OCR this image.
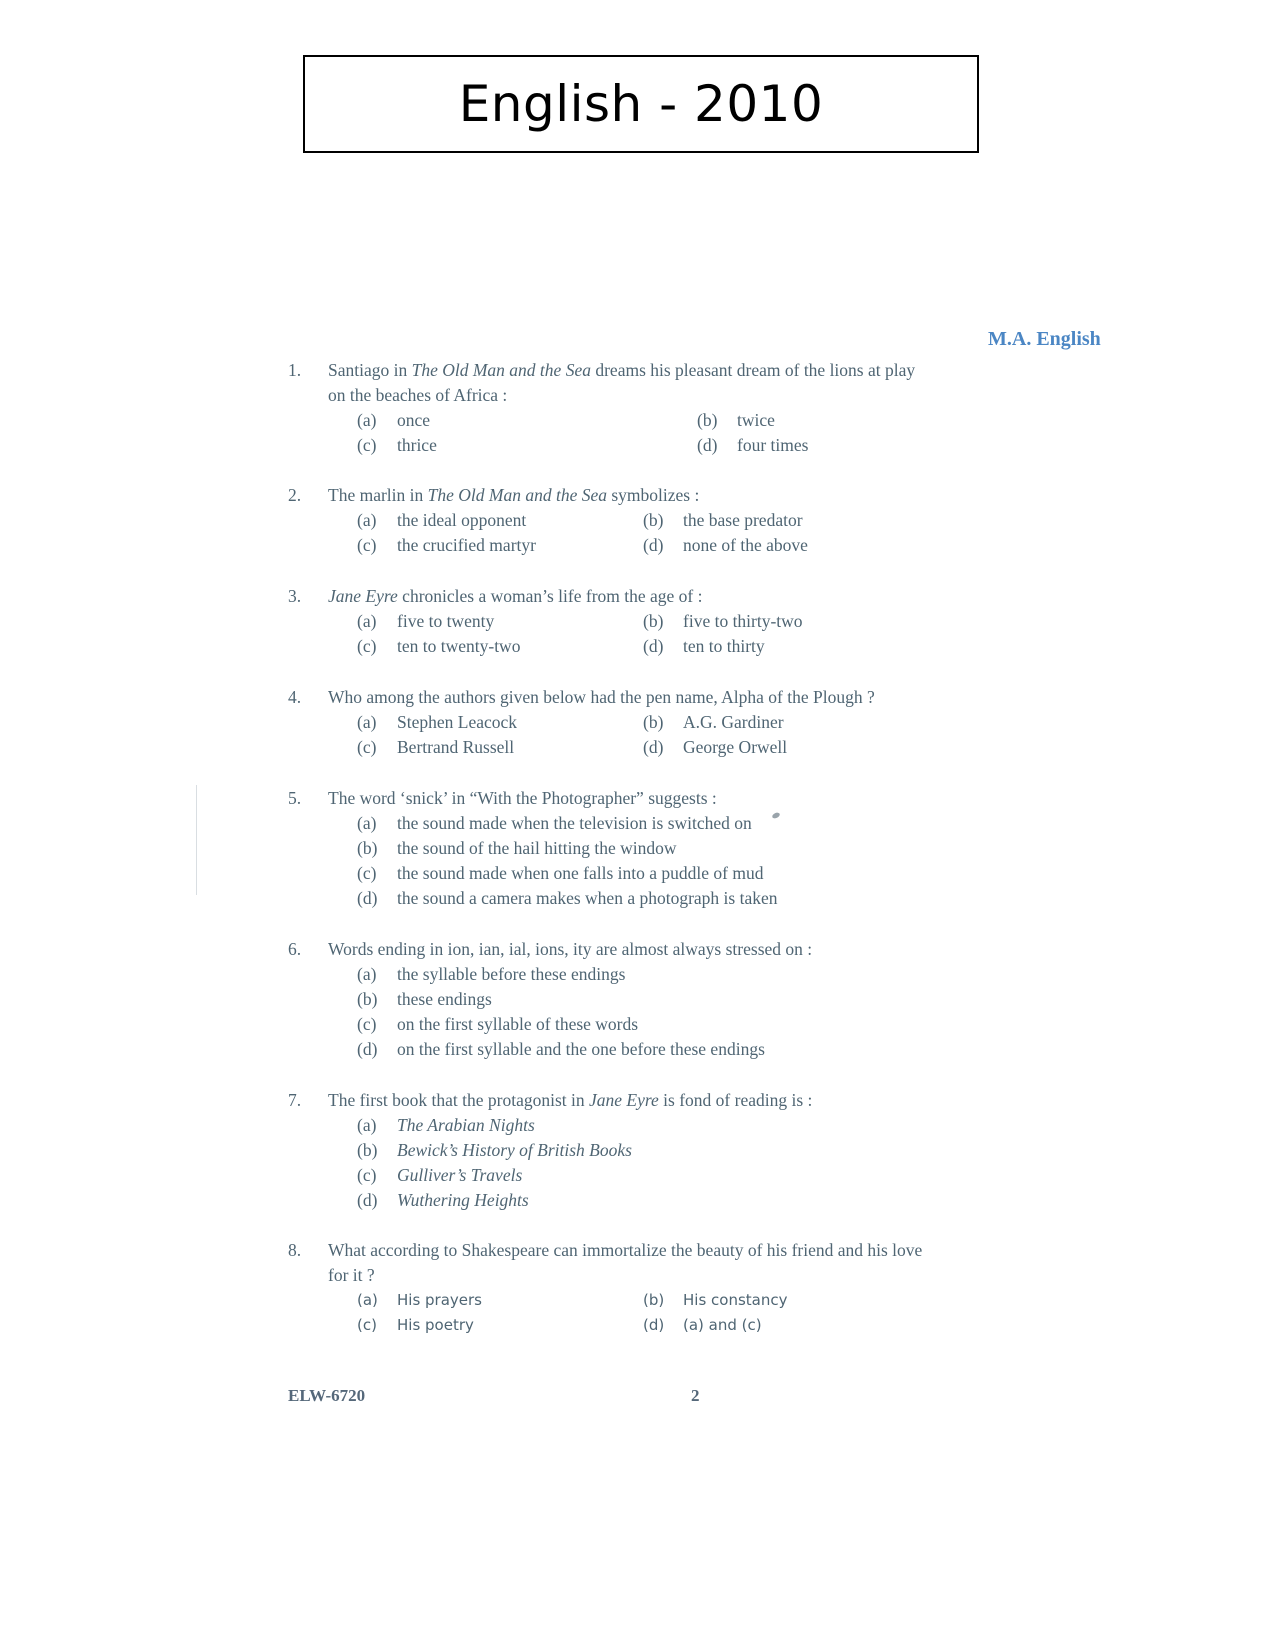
English - 2010
M.A. English
1.	Santiago in The Old Man and the Sea dreams his pleasant dream of the lions at play on the beaches of Africa :
(a)	once	(b)	twice
(c)	thrice	(d)	four times
2.	The marlin in The Old Man and the Sea symbolizes :
(a)	the ideal opponent	(b)	the base predator
(c)	the crucified martyr	(d)	none of the above
3.	Jane Eyre chronicles a woman’s life from the age of :
(a)	five to twenty	(b)	five to thirty-two
(c)	ten to twenty-two	(d)	ten to thirty
4.	Who among the authors given below had the pen name, Alpha of the Plough ?
(a)	Stephen Leacock	(b)	A.G. Gardiner
(c)	Bertrand Russell	(d)	George Orwell
5.	The word ‘snick’ in “With the Photographer” suggests :
(a)	the sound made when the television is switched on
(b)	the sound of the hail hitting the window
(c)	the sound made when one falls into a puddle of mud
(d)	the sound a camera makes when a photograph is taken
6.	Words ending in ion, ian, ial, ions, ity are almost always stressed on :
(a)	the syllable before these endings
(b)	these endings
(c)	on the first syllable of these words
(d)	on the first syllable and the one before these endings
7.	The first book that the protagonist in Jane Eyre is fond of reading is :
(a)	The Arabian Nights
(b)	Bewick’s History of British Books
(c)	Gulliver’s Travels
(d)	Wuthering Heights
8.	What according to Shakespeare can immortalize the beauty of his friend and his love for it ?
(a)	His prayers	(b)	His constancy
(c)	His poetry	(d)	(a) and (c)
ELW-6720	2
